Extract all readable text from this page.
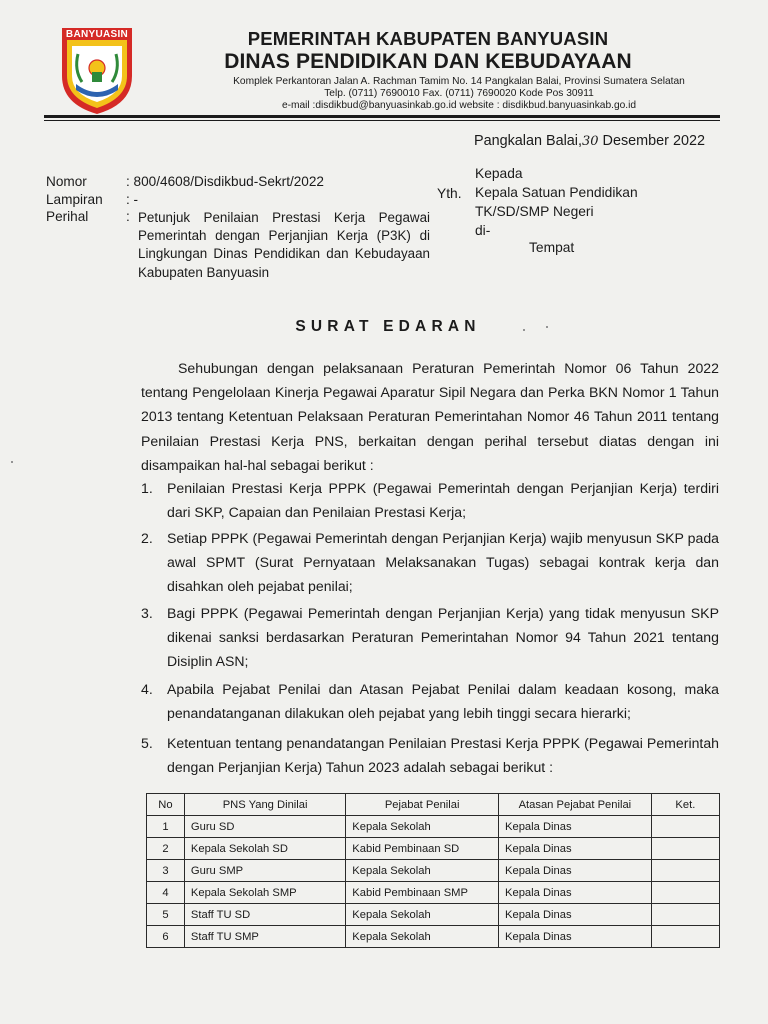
BANYUASIN	PEMERINTAH KABUPATEN BANYUASIN
DINAS PENDIDIKAN DAN KEBUDAYAAN
Komplek Perkantoran Jalan A. Rachman Tamim No. 14 Pangkalan Balai, Provinsi Sumatera Selatan
Telp. (0711) 7690010 Fax. (0711) 7690020 Kode Pos 30911
e-mail :disdikbud@banyuasinkab.go.id website : disdikbud.banyuasinkab.go.id
Pangkalan Balai,30 Desember 2022
Nomor	: 800/4608/Disdikbud-Sekrt/2022
Lampiran : -
Perihal	: Petunjuk Penilaian Prestasi Kerja Pegawai Pemerintah dengan Perjanjian Kerja (P3K) di Lingkungan Dinas Pendidikan dan Kebudayaan Kabupaten Banyuasin
Kepada
Kepala Satuan Pendidikan
TK/SD/SMP Negeri
di-
Yth.
Tempat
SURAT EDARAN
Sehubungan dengan pelaksanaan Peraturan Pemerintah Nomor 06 Tahun 2022 tentang Pengelolaan Kinerja Pegawai Aparatur Sipil Negara dan Perka BKN Nomor 1 Tahun 2013 tentang Ketentuan Pelaksaan Peraturan Pemerintahan Nomor 46 Tahun 2011 tentang Penilaian Prestasi Kerja PNS, berkaitan dengan perihal tersebut diatas dengan ini disampaikan hal-hal sebagai berikut :
1. Penilaian Prestasi Kerja PPPK (Pegawai Pemerintah dengan Perjanjian Kerja) terdiri dari SKP, Capaian dan Penilaian Prestasi Kerja;
2. Setiap PPPK (Pegawai Pemerintah dengan Perjanjian Kerja) wajib menyusun SKP pada awal SPMT (Surat Pernyataan Melaksanakan Tugas) sebagai kontrak kerja dan disahkan oleh pejabat penilai;
3. Bagi PPPK (Pegawai Pemerintah dengan Perjanjian Kerja) yang tidak menyusun SKP dikenai sanksi berdasarkan Peraturan Pemerintahan Nomor 94 Tahun 2021 tentang Disiplin ASN;
4. Apabila Pejabat Penilai dan Atasan Pejabat Penilai dalam keadaan kosong, maka penandatanganan dilakukan oleh pejabat yang lebih tinggi secara hierarki;
5. Ketentuan tentang penandatangan Penilaian Prestasi Kerja PPPK (Pegawai Pemerintah dengan Perjanjian Kerja) Tahun 2023 adalah sebagai berikut :
No	PNS Yang Dinilai	Pejabat Penilai	Atasan Pejabat Penilai	Ket.
1	Guru SD	Kepala Sekolah	Kepala Dinas	
2	Kepala Sekolah SD	Kabid Pembinaan SD	Kepala Dinas	
3	Guru SMP	Kepala Sekolah	Kepala Dinas	
4	Kepala Sekolah SMP	Kabid Pembinaan SMP	Kepala Dinas	
5	Staff TU SD	Kepala Sekolah	Kepala Dinas	
6	Staff TU SMP	Kepala Sekolah	Kepala Dinas	
